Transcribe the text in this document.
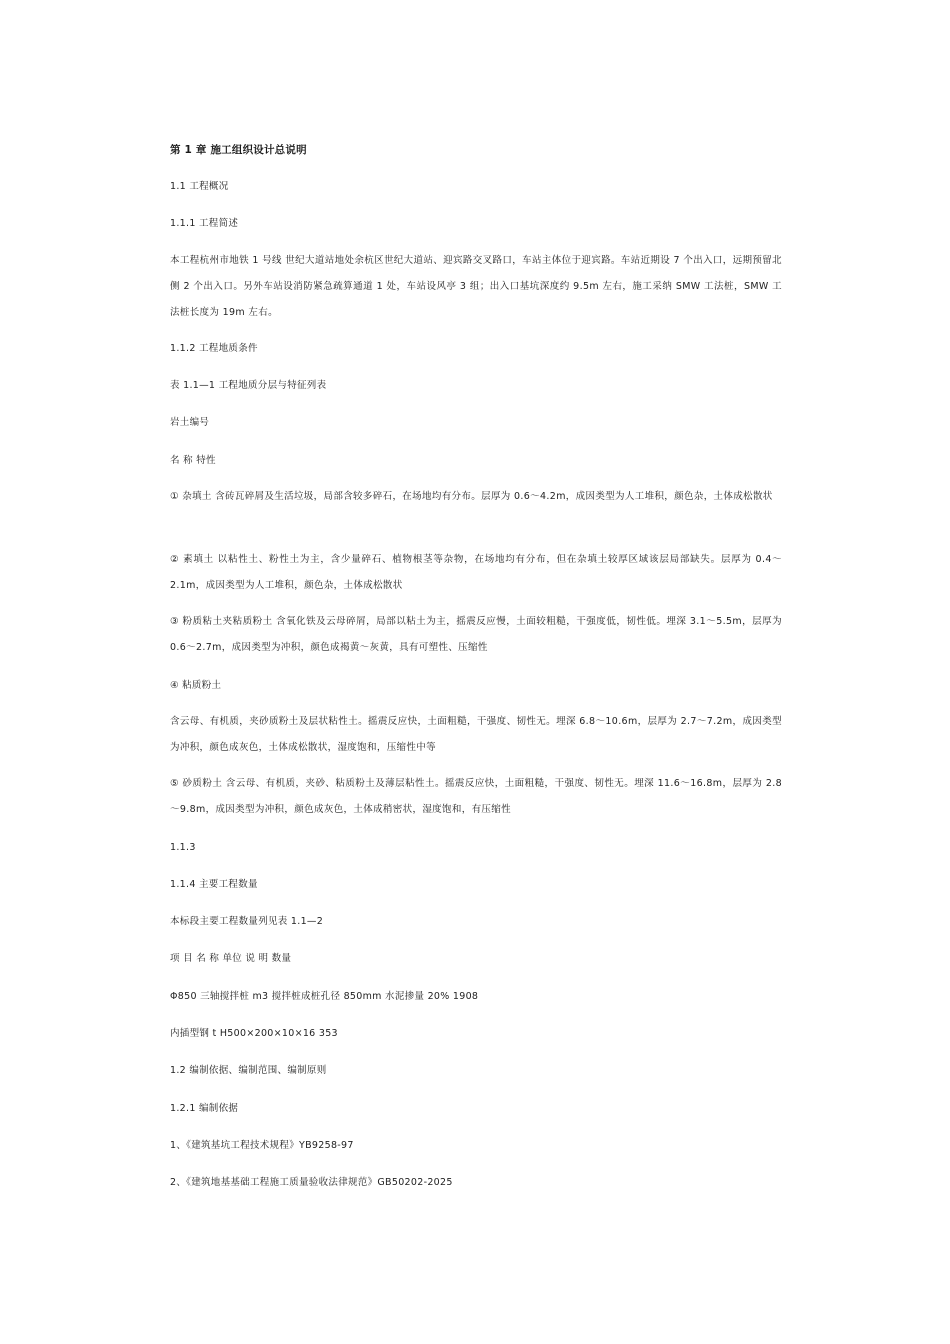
第 1 章 施工组织设计总说明
1.1 工程概况
1.1.1 工程简述
本工程杭州市地铁 1 号线 世纪大道站地处余杭区世纪大道站、迎宾路交叉路口，车站主体位于迎宾路。车站近期设 7 个出入口，远期预留北侧 2 个出入口。另外车站设消防紧急疏算通道 1 处，车站设风亭 3 组；出入口基坑深度约 9.5m 左右，施工采纳 SMW 工法桩，SMW 工法桩长度为 19m 左右。
1.1.2 工程地质条件
表 1.1—1 工程地质分层与特征列表
岩土编号
名 称 特性
① 杂填土 含砖瓦碎屑及生活垃圾，局部含较多碎石，在场地均有分布。层厚为 0.6～4.2m，成因类型为人工堆积，颜色杂，土体成松散状
② 素填土 以粘性土、粉性土为主，含少量碎石、植物根茎等杂物，在场地均有分布，但在杂填土较厚区域该层局部缺失。层厚为 0.4～2.1m，成因类型为人工堆积，颜色杂，土体成松散状
③ 粉质粘土夹粘质粉土 含氧化铁及云母碎屑，局部以粘土为主，摇震反应慢，土面较粗糙，干强度低，韧性低。埋深 3.1～5.5m，层厚为 0.6～2.7m，成因类型为冲积，颜色成褐黄～灰黄，具有可塑性、压缩性
④ 粘质粉土
含云母、有机质，夹砂质粉土及层状粘性土。摇震反应快，土面粗糙，干强度、韧性无。埋深 6.8～10.6m，层厚为 2.7～7.2m，成因类型为冲积，颜色成灰色，土体成松散状，湿度饱和，压缩性中等
⑤ 砂质粉土 含云母、有机质，夹砂、粘质粉土及薄层粘性土。摇震反应快，土面粗糙，干强度、韧性无。埋深 11.6～16.8m，层厚为 2.8～9.8m，成因类型为冲积，颜色成灰色，土体成稍密状，湿度饱和，有压缩性
1.1.3
1.1.4 主要工程数量
本标段主要工程数量列见表 1.1—2
项 目 名 称 单位 说 明 数量
Φ850 三轴搅拌桩 m3 搅拌桩成桩孔径 850mm 水泥掺量 20% 1908
内插型钢 t H500×200×10×16 353
1.2 编制依据、编制范围、编制原则
1.2.1 编制依据
1、《建筑基坑工程技术规程》YB9258-97
2、《建筑地基基础工程施工质量验收法律规范》GB50202-2025
